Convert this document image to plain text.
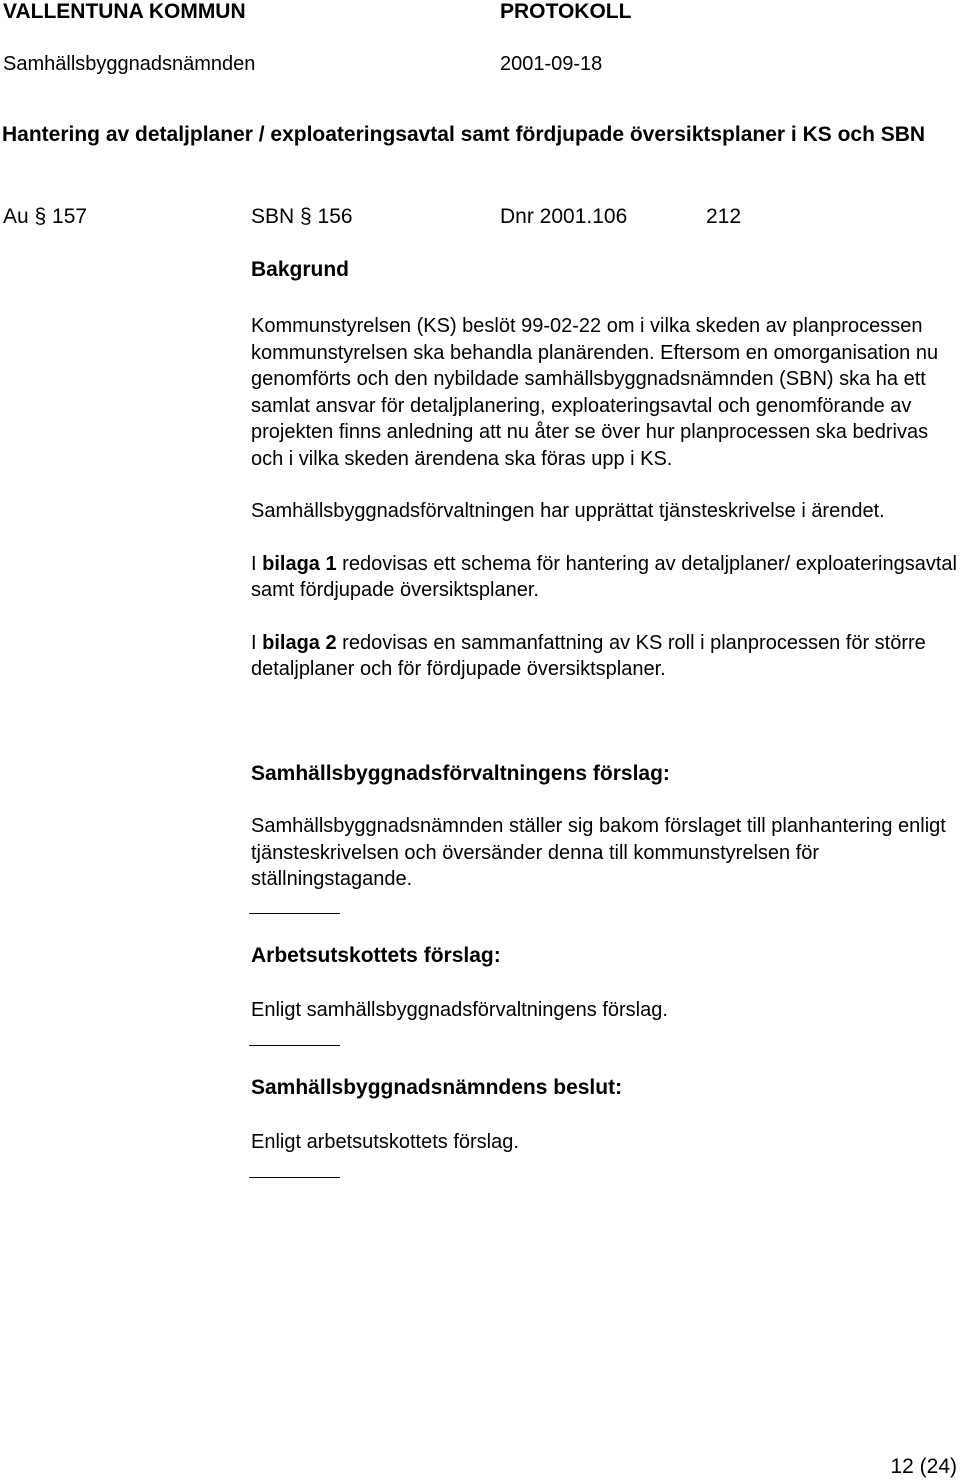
VALLENTUNA KOMMUN	PROTOKOLL
Samhällsbyggnadsnämnden	2001-09-18
Hantering av detaljplaner / exploateringsavtal samt fördjupade översiktsplaner i KS och SBN
Au § 157	SBN § 156	Dnr 2001.106	212
Bakgrund

Kommunstyrelsen (KS) beslöt 99-02-22 om i vilka skeden av planprocessen kommunstyrelsen ska behandla planärenden. Eftersom en omorganisation nu genomförts och den nybildade samhällsbyggnadsnämnden (SBN) ska ha ett samlat ansvar för detaljplanering, exploateringsavtal och genomförande av projekten finns anledning att nu åter se över hur planprocessen ska bedrivas och i vilka skeden ärendena ska föras upp i KS.

Samhällsbyggnadsförvaltningen har upprättat tjänsteskrivelse i ärendet.

I bilaga 1 redovisas ett schema för hantering av detaljplaner/ exploateringsavtal samt fördjupade översiktsplaner.

I bilaga 2 redovisas en sammanfattning av KS roll i planprocessen för större detaljplaner och för fördjupade översiktsplaner.

Samhällsbyggnadsförvaltningens förslag:
Samhällsbyggnadsnämnden ställer sig bakom förslaget till planhantering enligt tjänsteskrivelsen och översänder denna till kommunstyrelsen för ställningstagande.
Arbetsutskottets förslag:
Enligt samhällsbyggnadsförvaltningens förslag.
Samhällsbyggnadsnämndens beslut:
Enligt arbetsutskottets förslag.
12 (24)
